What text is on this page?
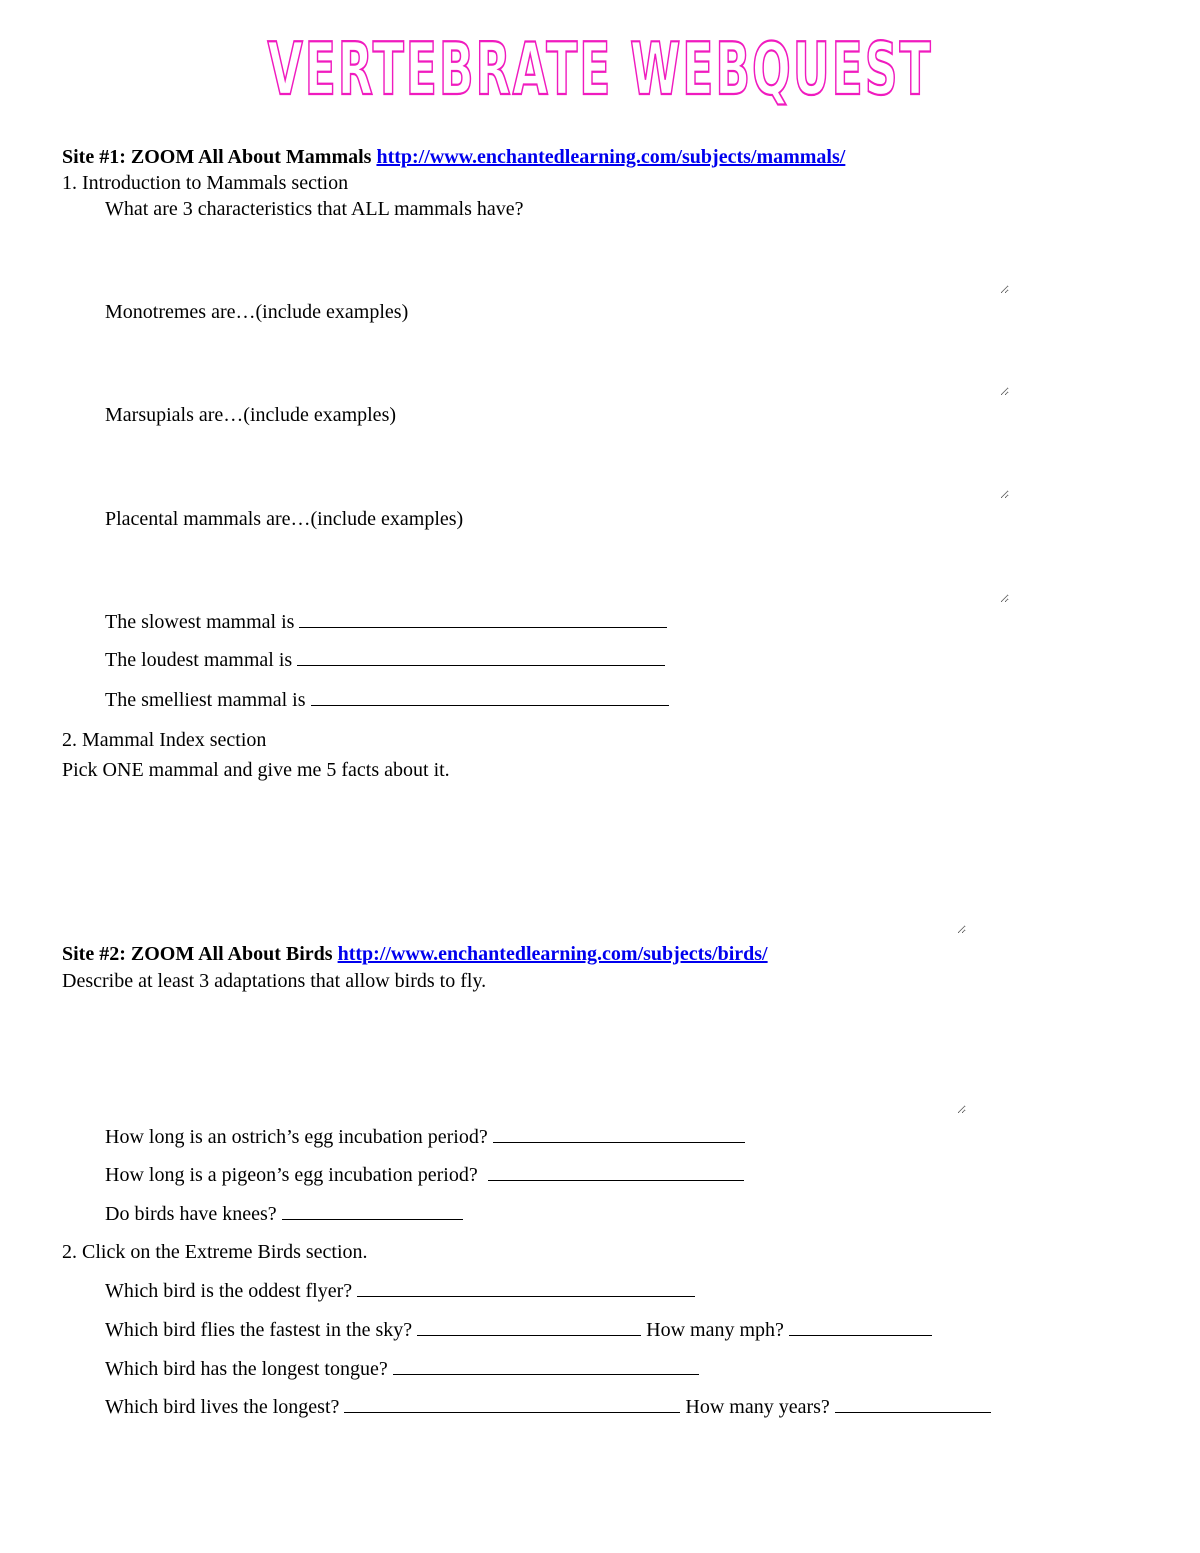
VERTEBRATE WEBQUEST

Site #1: ZOOM All About Mammals http://www.enchantedlearning.com/subjects/mammals/

1. Introduction to Mammals section

What are 3 characteristics that ALL mammals have?

Monotremes are…(include examples)

Marsupials are…(include examples)

Placental mammals are…(include examples)

The slowest mammal is

The loudest mammal is

The smelliest mammal is

2. Mammal Index section

Pick ONE mammal and give me 5 facts about it.

Site #2: ZOOM All About Birds http://www.enchantedlearning.com/subjects/birds/

Describe at least 3 adaptations that allow birds to fly.

How long is an ostrich’s egg incubation period?

How long is a pigeon’s egg incubation period?

Do birds have knees?

2. Click on the Extreme Birds section.

Which bird is the oddest flyer?

Which bird flies the fastest in the sky?	How many mph?

Which bird has the longest tongue?

Which bird lives the longest?	How many years?
